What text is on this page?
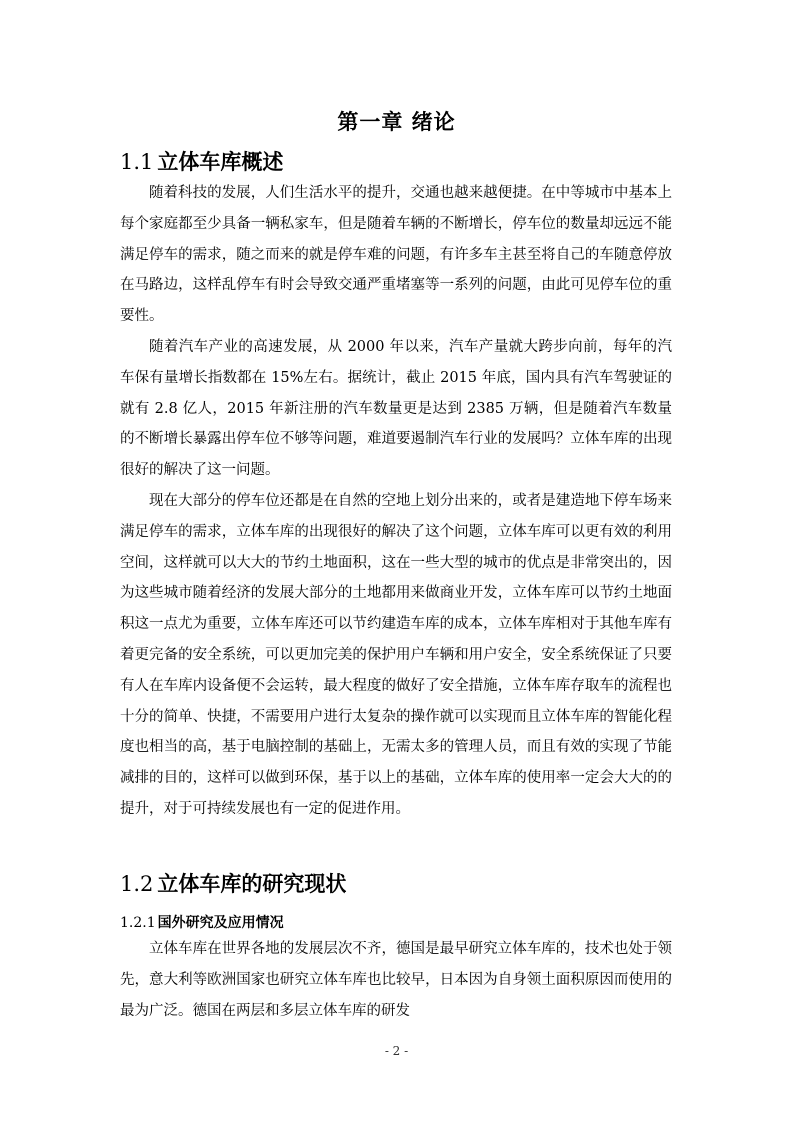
第一章 绪论
1.1 立体车库概述

随着科技的发展，人们生活水平的提升，交通也越来越便捷。在中等城市中基本上每个家庭都至少具备一辆私家车，但是随着车辆的不断增长，停车位的数量却远远不能满足停车的需求，随之而来的就是停车难的问题，有许多车主甚至将自己的车随意停放在马路边，这样乱停车有时会导致交通严重堵塞等一系列的问题，由此可见停车位的重要性。

随着汽车产业的高速发展，从 2000 年以来，汽车产量就大跨步向前，每年的汽车保有量增长指数都在 15%左右。据统计，截止 2015 年底，国内具有汽车驾驶证的就有 2.8 亿人，2015 年新注册的汽车数量更是达到 2385 万辆，但是随着汽车数量的不断增长暴露出停车位不够等问题，难道要遏制汽车行业的发展吗？立体车库的出现很好的解决了这一问题。

现在大部分的停车位还都是在自然的空地上划分出来的，或者是建造地下停车场来满足停车的需求，立体车库的出现很好的解决了这个问题，立体车库可以更有效的利用空间，这样就可以大大的节约土地面积，这在一些大型的城市的优点是非常突出的，因为这些城市随着经济的发展大部分的土地都用来做商业开发，立体车库可以节约土地面积这一点尤为重要，立体车库还可以节约建造车库的成本，立体车库相对于其他车库有着更完备的安全系统，可以更加完美的保护用户车辆和用户安全，安全系统保证了只要有人在车库内设备便不会运转，最大程度的做好了安全措施，立体车库存取车的流程也十分的简单、快捷，不需要用户进行太复杂的操作就可以实现而且立体车库的智能化程度也相当的高，基于电脑控制的基础上，无需太多的管理人员，而且有效的实现了节能减排的目的，这样可以做到环保，基于以上的基础，立体车库的使用率一定会大大的的提升，对于可持续发展也有一定的促进作用。

1.2 立体车库的研究现状
1.2.1 国外研究及应用情况

立体车库在世界各地的发展层次不齐，德国是最早研究立体车库的，技术也处于领先，意大利等欧洲国家也研究立体车库也比较早，日本因为自身领土面积原因而使用的最为广泛。德国在两层和多层立体车库的研发

- 2 -
